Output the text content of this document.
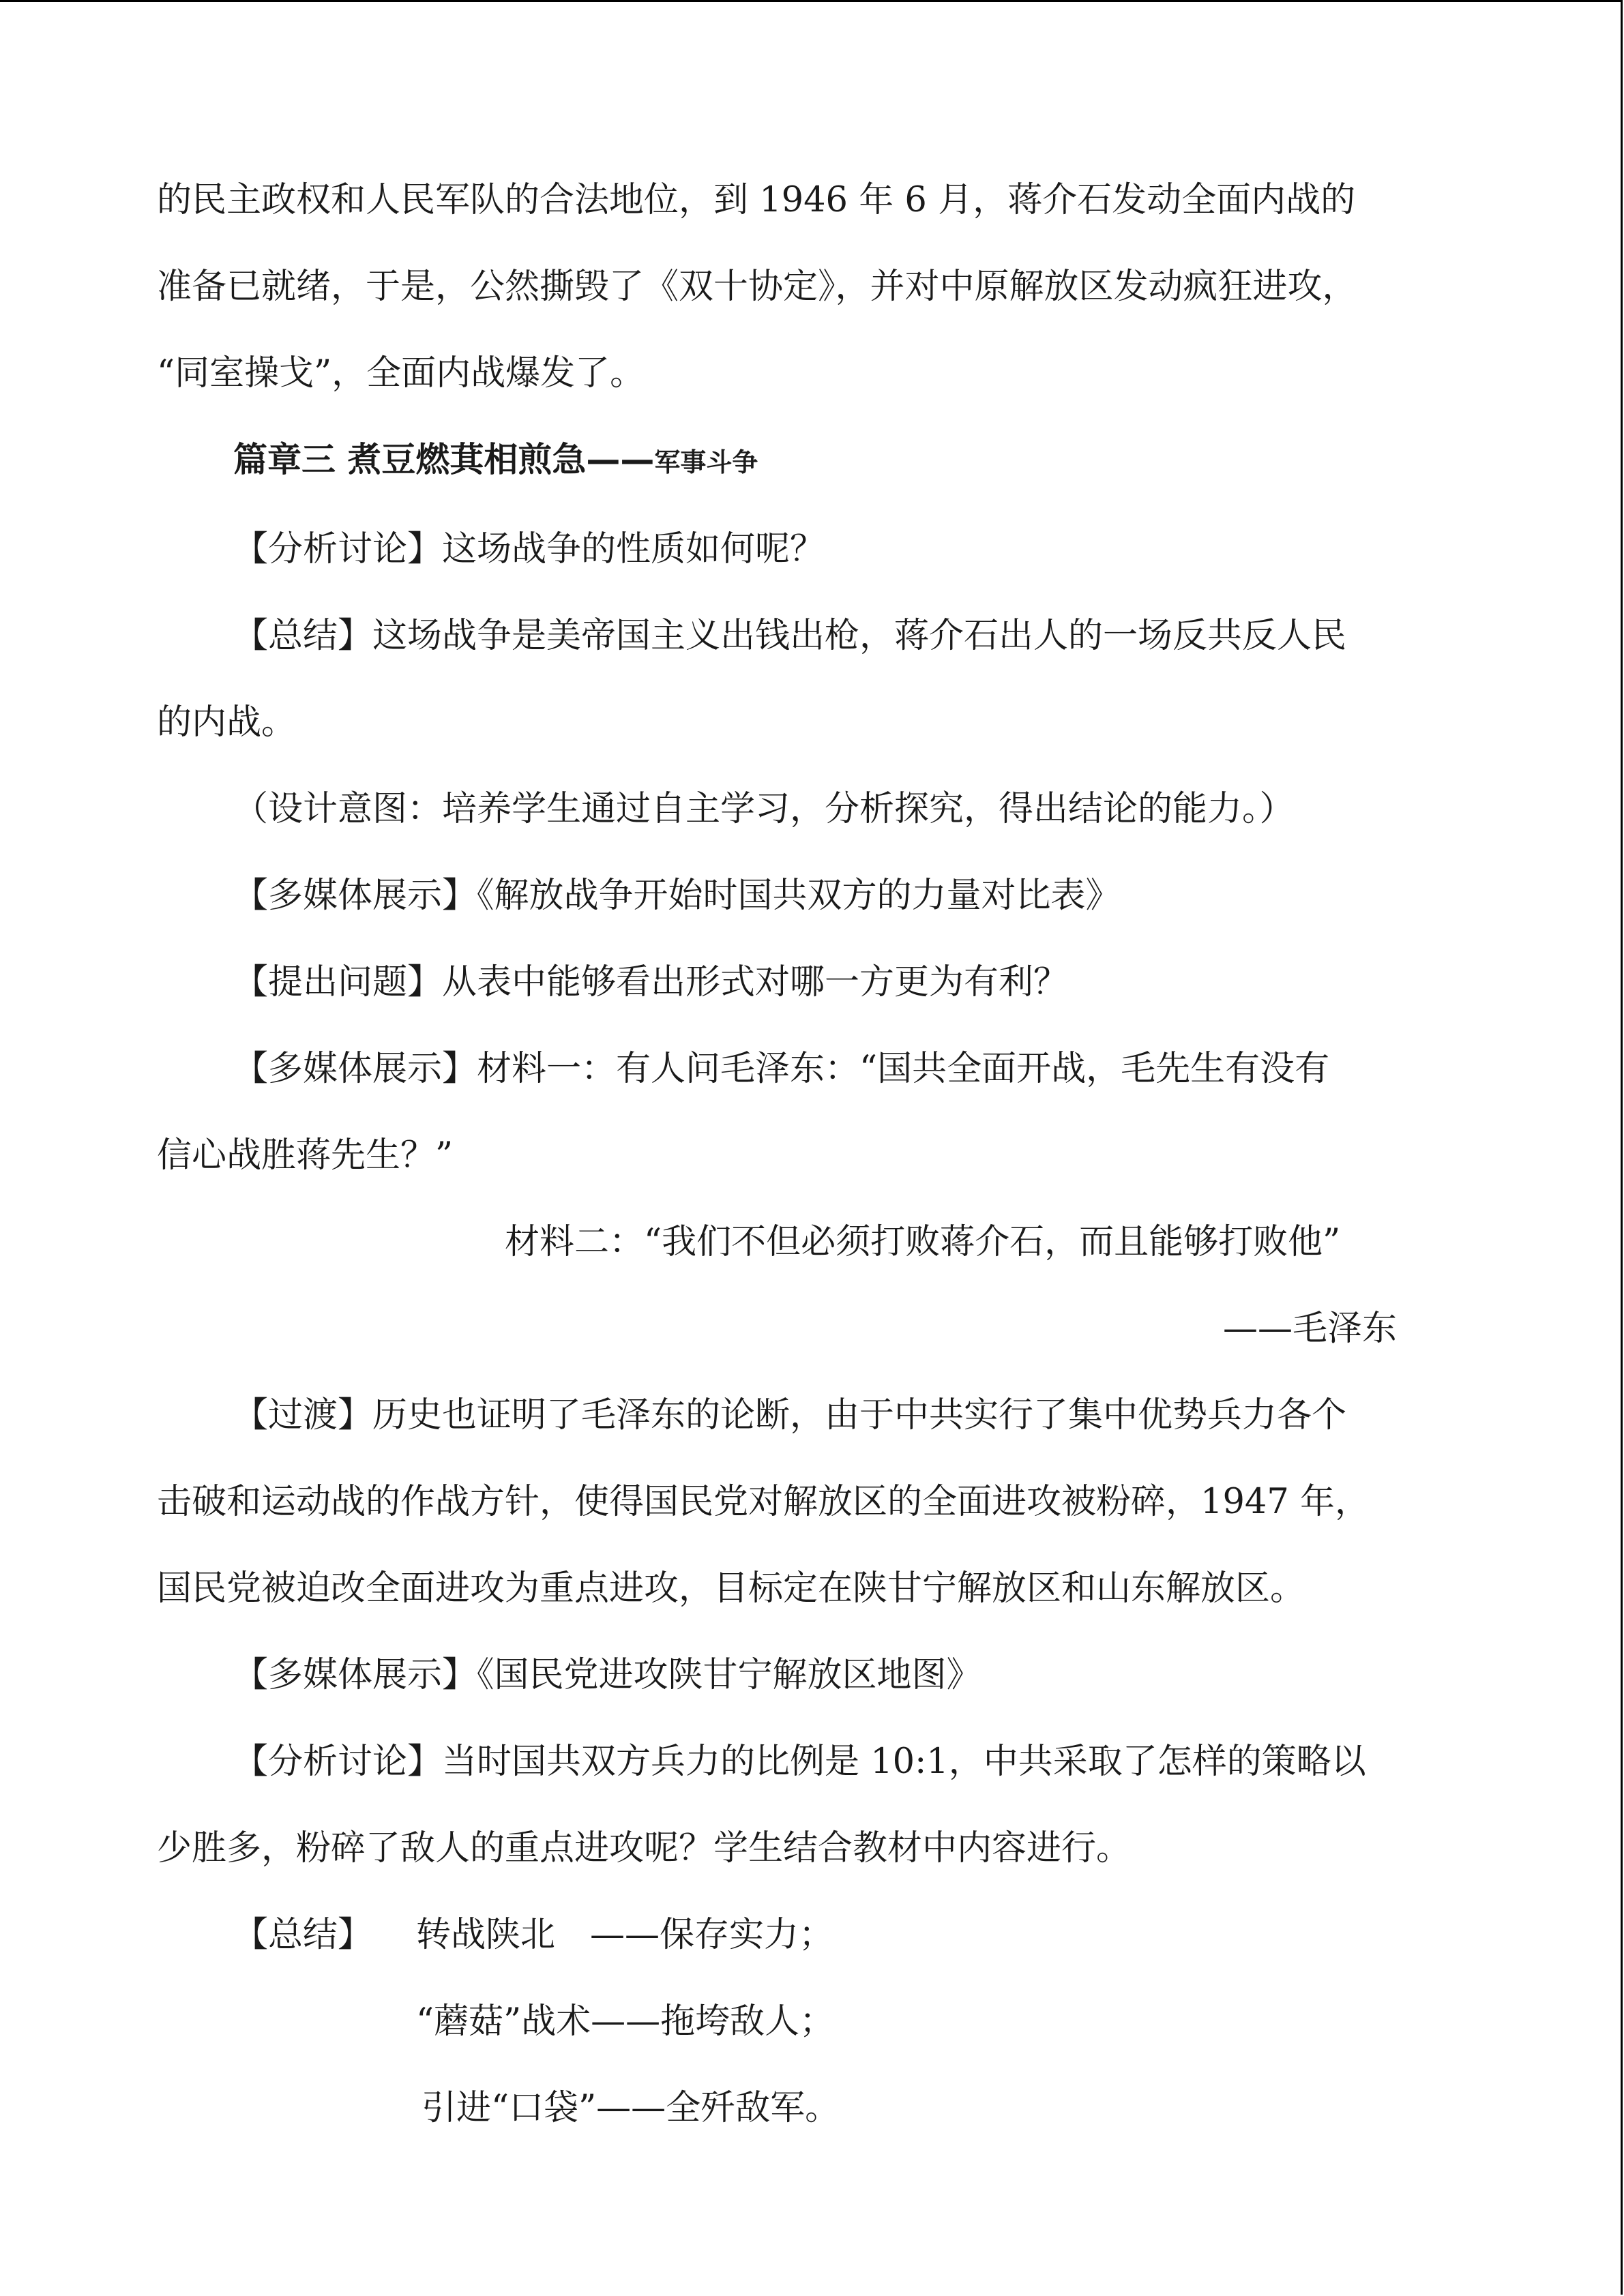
的民主政权和人民军队的合法地位，到 1946 年 6 月，蒋介石发动全面内战的

准备已就绪，于是，公然撕毁了《双十协定》，并对中原解放区发动疯狂进攻，

“同室操戈”，全面内战爆发了。

篇章三 煮豆燃萁相煎急——军事斗争

【分析讨论】这场战争的性质如何呢？

【总结】这场战争是美帝国主义出钱出枪，蒋介石出人的一场反共反人民

的内战。

（设计意图：培养学生通过自主学习，分析探究，得出结论的能力。）

【多媒体展示】《解放战争开始时国共双方的力量对比表》

【提出问题】从表中能够看出形式对哪一方更为有利？

【多媒体展示】材料一：有人问毛泽东：“国共全面开战，毛先生有没有

信心战胜蒋先生？”

材料二：“我们不但必须打败蒋介石，而且能够打败他”

——毛泽东

【过渡】历史也证明了毛泽东的论断，由于中共实行了集中优势兵力各个

击破和运动战的作战方针，使得国民党对解放区的全面进攻被粉碎，1947 年，

国民党被迫改全面进攻为重点进攻，目标定在陕甘宁解放区和山东解放区。

【多媒体展示】《国民党进攻陕甘宁解放区地图》

【分析讨论】当时国共双方兵力的比例是 10:1，中共采取了怎样的策略以

少胜多，粉碎了敌人的重点进攻呢？学生结合教材中内容进行。

【总结】	转战陕北　——保存实力；

“蘑菇”战术——拖垮敌人；

引进“口袋”——全歼敌军。
